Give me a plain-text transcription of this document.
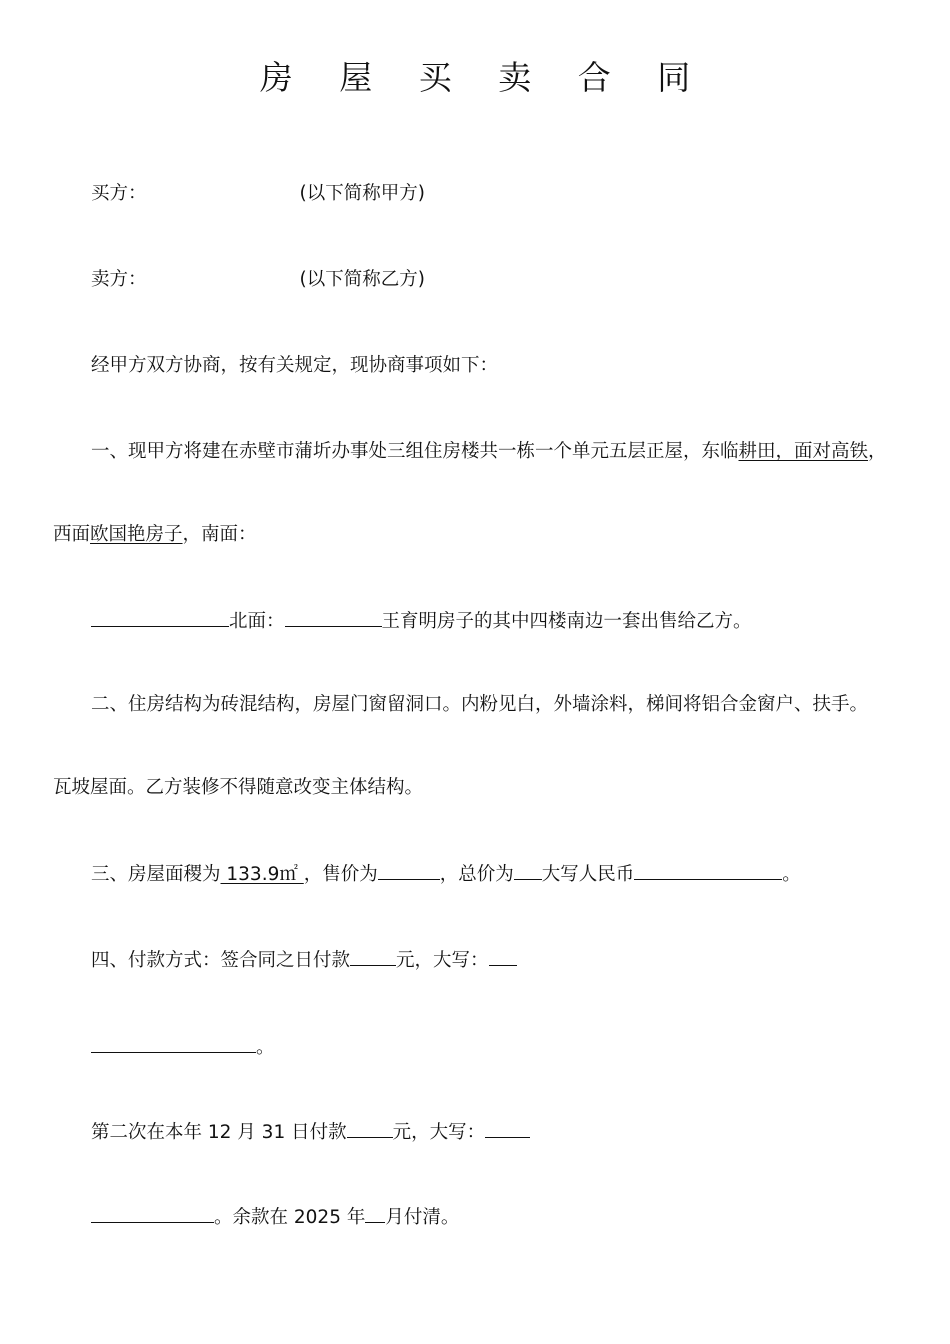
房 屋 买 卖 合 同
买方：	(以下简称甲方)
卖方：	(以下简称乙方)
经甲方双方协商，按有关规定，现协商事项如下：
一、现甲方将建在赤壁市蒲圻办事处三组住房楼共一栋一个单元五层正屋，东临耕田，面对高铁，
西面欧国艳房子，南面：
北面：	王育明房子的其中四楼南边一套出售给乙方。
二、住房结构为砖混结构，房屋门窗留洞口。内粉见白，外墙涂料，梯间将铝合金窗户、扶手。
瓦坡屋面。乙方装修不得随意改变主体结构。
三、房屋面稷为 133.9㎡ ，售价为	，总价为 大写人民币	。
四、付款方式：签合同之日付款 元，大写：
。
第二次在本年 12 月 31 日付款 元，大写：
。余款在 2025 年 月付清。
